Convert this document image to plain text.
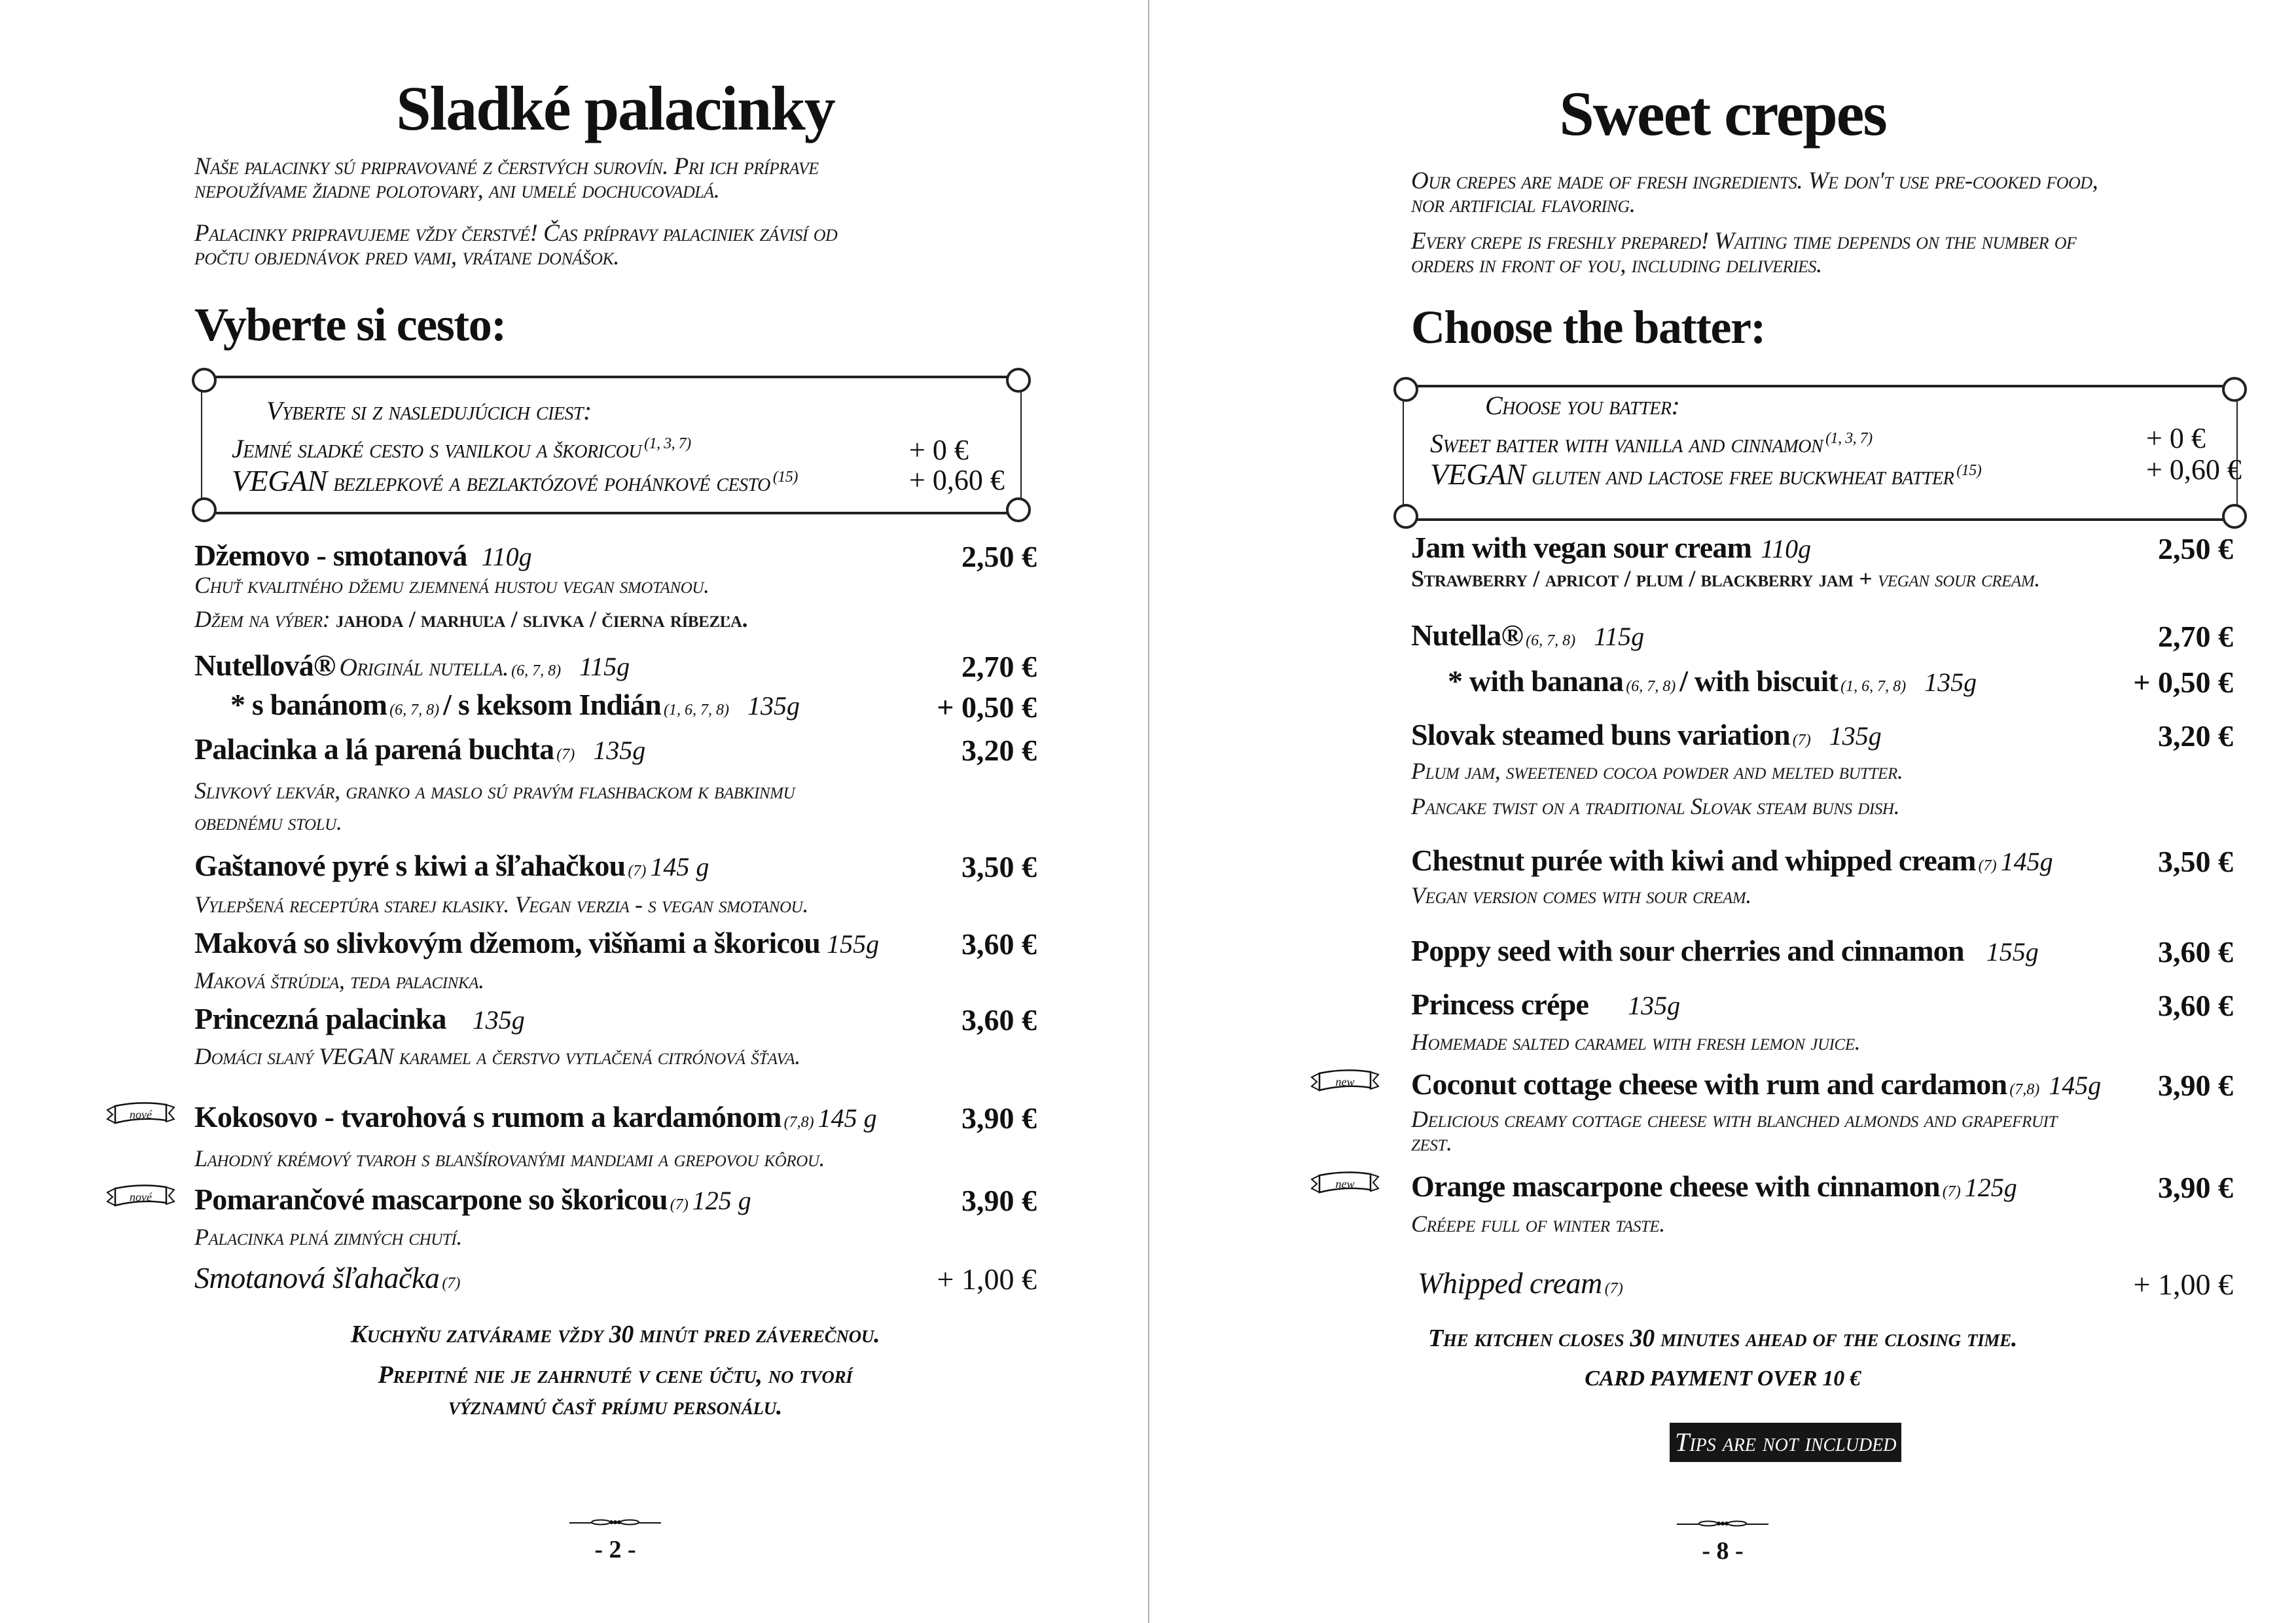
Sladké palacinky
Naše palacinky sú pripravované z čerstvých surovín. Pri ich príprave
nepoužívame žiadne polotovary, ani umelé dochucovadlá.
Palacinky pripravujeme vždy čerstvé! Čas prípravy palaciniek závisí od
počtu objednávok pred vami, vrátane donášok.
Vyberte si cesto:
Vyberte si z nasledujúcich ciest:
Jemné sladké cesto s vanilkou a škoricou $^{(1, 3, 7)}$	+ 0 €
VEGAN bezlepkové a bezlaktózové pohánkové cesto $^{(15)}$	+ 0,60 €
Džemovo - smotanová 110g	2,50 €
Chuť kvalitného džemu zjemnená hustou vegan smotanou.
Džem na výber: jahoda / marhuľa / slivka / čierna ríbezľa.
Nutellová® Originál nutella. (6, 7, 8) 115g	2,70 €
* s banánom (6, 7, 8) / s keksom Indián (1, 6, 7, 8) 135g	+ 0,50 €
Palacinka a lá parená buchta (7) 135g	3,20 €
Slivkový lekvár, granko a maslo sú pravým flashbackom k babkinmu
obednému stolu.
Gaštanové pyré s kiwi a šľahačkou (7) 145 g	3,50 €
Vylepšená receptúra starej klasiky. Vegan verzia - s vegan smotanou.
Maková so slivkovým džemom, višňami a škoricou 155g	3,60 €
Maková štrúdľa, teda palacinka.
Princezná palacinka 135g	3,60 €
Domáci slaný VEGAN karamel a čerstvo vytlačená citrónová šťava.
nové Kokosovo - tvarohová s rumom a kardamónom (7,8) 145 g	3,90 €
Lahodný krémový tvaroh s blanšírovanými mandľami a grepovou kôrou.
nové Pomarančové mascarpone so škoricou (7) 125 g	3,90 €
Palacinka plná zimných chutí.
Smotanová šľahačka (7)	+ 1,00 €
Kuchyňu zatvárame vždy 30 minút pred záverečnou.
Prepitné nie je zahrnuté v cene účtu, no tvorí
významnú časť príjmu personálu.
- 2 -
Sweet crepes
Our crepes are made of fresh ingredients. We don't use pre-cooked food,
nor artificial flavoring.
Every crepe is freshly prepared! Waiting time depends on the number of
orders in front of you, including deliveries.
Choose the batter:
Choose you batter:
Sweet batter with vanilla and cinnamon $^{(1, 3, 7)}$	+ 0 €
VEGAN gluten and lactose free buckwheat batter $^{(15)}$	+ 0,60 €
Jam with vegan sour cream 110g	2,50 €
Strawberry / apricot / plum / blackberry jam + vegan sour cream.
Nutella® (6, 7, 8) 115g	2,70 €
* with banana (6, 7, 8) / with biscuit (1, 6, 7, 8) 135g	+ 0,50 €
Slovak steamed buns variation (7) 135g	3,20 €
Plum jam, sweetened cocoa powder and melted butter.
Pancake twist on a traditional Slovak steam buns dish.
Chestnut purée with kiwi and whipped cream (7) 145g	3,50 €
Vegan version comes with sour cream.
Poppy seed with sour cherries and cinnamon 155g	3,60 €
Princess crépe 135g	3,60 €
Homemade salted caramel with fresh lemon juice.
new Coconut cottage cheese with rum and cardamon (7,8) 145g 3,90 €
Delicious creamy cottage cheese with blanched almonds and grapefruit
zest.
new Orange mascarpone cheese with cinnamon (7) 125g	3,90 €
Créepe full of winter taste.
Whipped cream (7)	+ 1,00 €
The kitchen closes 30 minutes ahead of the closing time.
CARD PAYMENT OVER 10 €
Tips are not included
- 8 -
